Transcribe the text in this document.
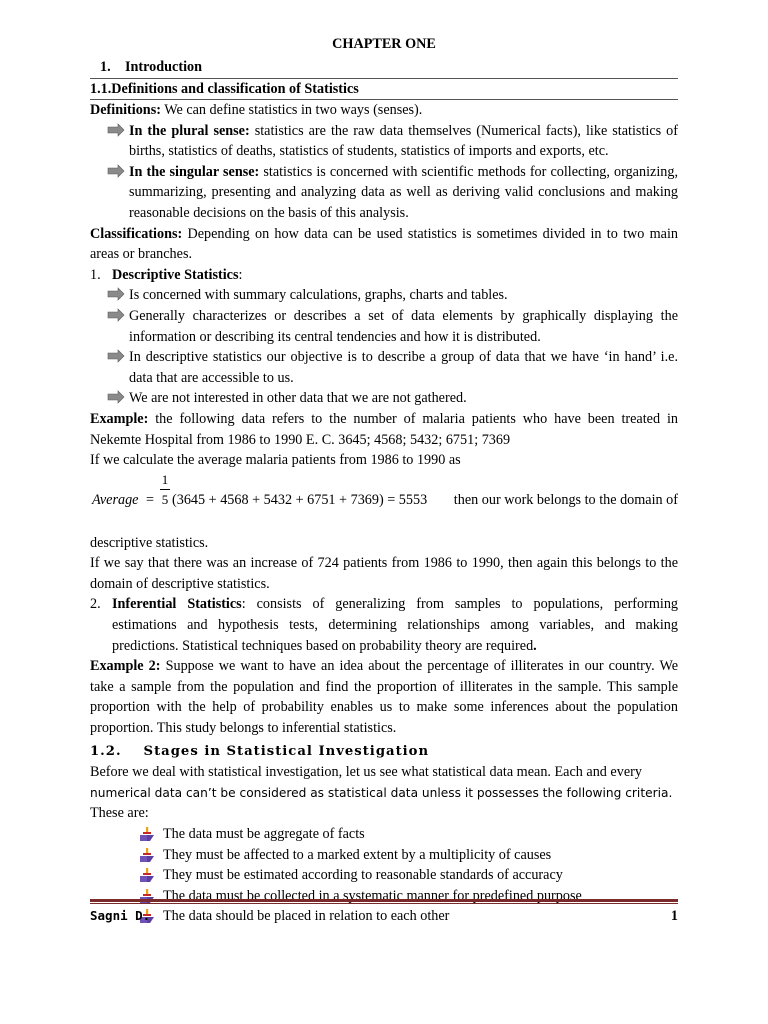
CHAPTER ONE
1. Introduction
1.1.Definitions and classification of Statistics

Definitions: We can define statistics in two ways (senses).

In the plural sense: statistics are the raw data themselves (Numerical facts), like statistics of births, statistics of deaths, statistics of students, statistics of imports and exports, etc.
In the singular sense: statistics is concerned with scientific methods for collecting, organizing, summarizing, presenting and analyzing data as well as deriving valid conclusions and making reasonable decisions on the basis of this analysis.

Classifications: Depending on how data can be used statistics is sometimes divided in to two main areas or branches.

1. Descriptive Statistics:
Is concerned with summary calculations, graphs, charts and tables.
Generally characterizes or describes a set of data elements by graphically displaying the information or describing its central tendencies and how it is distributed.
In descriptive statistics our objective is to describe a group of data that we have ‘in hand’ i.e. data that are accessible to us.
We are not interested in other data that we are not gathered.

Example: the following data refers to the number of malaria patients who have been treated in Nekemte Hospital from 1986 to 1990 E. C. 3645; 4568; 5432; 6751; 7369

If we calculate the average malaria patients from 1986 to 1990 as

Average =
1
5 (3645 + 4568 + 5432 + 6751 + 7369) = 5553 then our work belongs to the domain of

descriptive statistics.

If we say that there was an increase of 724 patients from 1986 to 1990, then again this belongs to the domain of descriptive statistics.

2. Inferential Statistics: consists of generalizing from samples to populations, performing estimations and hypothesis tests, determining relationships among variables, and making predictions. Statistical techniques based on probability theory are required.

Example 2: Suppose we want to have an idea about the percentage of illiterates in our country. We take a sample from the population and find the proportion of illiterates in the sample. This sample proportion with the help of probability enables us to make some inferences about the population proportion. This study belongs to inferential statistics.

1.2. Stages in Statistical Investigation

Before we deal with statistical investigation, let us see what statistical data mean. Each and every

numerical data can’t be considered as statistical data unless it possesses the following criteria.

These are:

The data must be aggregate of facts
They must be affected to a marked extent by a multiplicity of causes
They must be estimated according to reasonable standards of accuracy
The data must be collected in a systematic manner for predefined purpose
The data should be placed in relation to each other
Sagni D.	1
